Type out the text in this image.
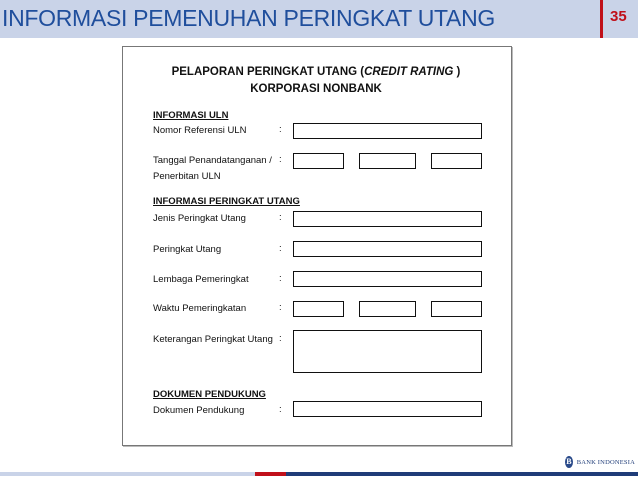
INFORMASI PEMENUHAN PERINGKAT UTANG	35
PELAPORAN PERINGKAT UTANG (CREDIT RATING )
KORPORASI NONBANK
INFORMASI ULN
Nomor Referensi ULN	:
Tanggal Penandatanganan /
Penerbitan ULN
:
INFORMASI PERINGKAT UTANG
Jenis Peringkat Utang	:
Peringkat Utang	:
Lembaga Pemeringkat	:
Waktu Pemeringkatan	:
Keterangan Peringkat Utang :
DOKUMEN PENDUKUNG
Dokumen Pendukung	:
B BANK INDONESIA
